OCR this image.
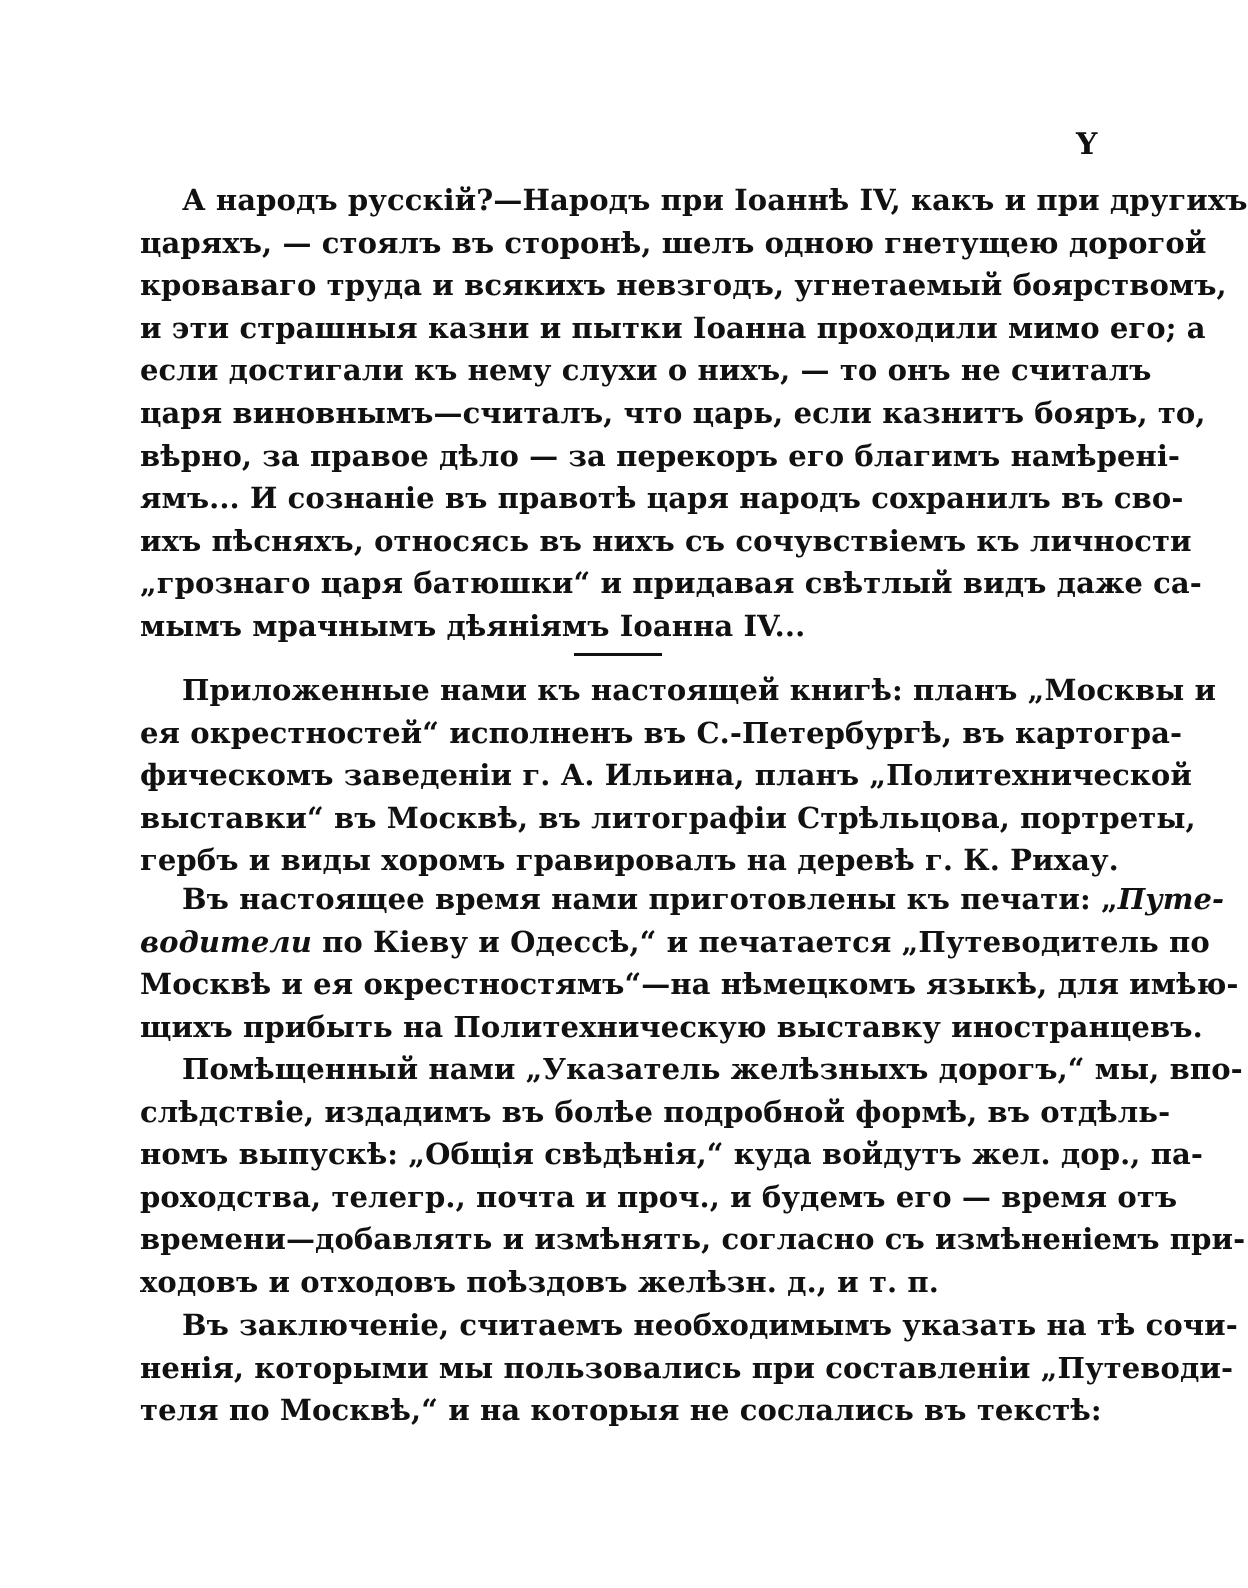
Y
А народъ русскій?—Народъ при Іоаннѣ IV, какъ и при другихъ
царяхъ, — стоялъ въ сторонѣ, шелъ одною гнетущею дорогой
кроваваго труда и всякихъ невзгодъ, угнетаемый боярствомъ,
и эти страшныя казни и пытки Іоанна проходили мимо его; а
если достигали къ нему слухи о нихъ, — то онъ не считалъ
царя виновнымъ—считалъ, что царь, если казнитъ бояръ, то,
вѣрно, за правое дѣло — за перекоръ его благимъ намѣрені-
ямъ... И сознаніе въ правотѣ царя народъ сохранилъ въ сво-
ихъ пѣсняхъ, относясь въ нихъ съ сочувствіемъ къ личности
„грознаго царя батюшки“ и придавая свѣтлый видъ даже са-
мымъ мрачнымъ дѣяніямъ Іоанна IV...
Приложенные нами къ настоящей книгѣ: планъ „Москвы и
ея окрестностей“ исполненъ въ С.-Петербургѣ, въ картогра-
фическомъ заведеніи г. А. Ильина, планъ „Политехнической
выставки“ въ Москвѣ, въ литографіи Стрѣльцова, портреты,
гербъ и виды хоромъ гравировалъ на деревѣ г. К. Рихау.
Въ настоящее время нами приготовлены къ печати: „Путе-
водители по Кіеву и Одессѣ,“ и печатается „Путеводитель по
Москвѣ и ея окрестностямъ“—на нѣмецкомъ языкѣ, для имѣю-
щихъ прибыть на Политехническую выставку иностранцевъ.
Помѣщенный нами „Указатель желѣзныхъ дорогъ,“ мы, впо-
слѣдствіе, издадимъ въ болѣе подробной формѣ, въ отдѣль-
номъ выпускѣ: „Общія свѣдѣнія,“ куда войдутъ жел. дор., па-
роходства, телегр., почта и проч., и будемъ его — время отъ
времени—добавлять и измѣнять, согласно съ измѣненіемъ при-
ходовъ и отходовъ поѣздовъ желѣзн. д., и т. п.
Въ заключеніе, считаемъ необходимымъ указать на тѣ сочи-
ненія, которыми мы пользовались при составленіи „Путеводи-
теля по Москвѣ,“ и на которыя не сослались въ текстѣ:
